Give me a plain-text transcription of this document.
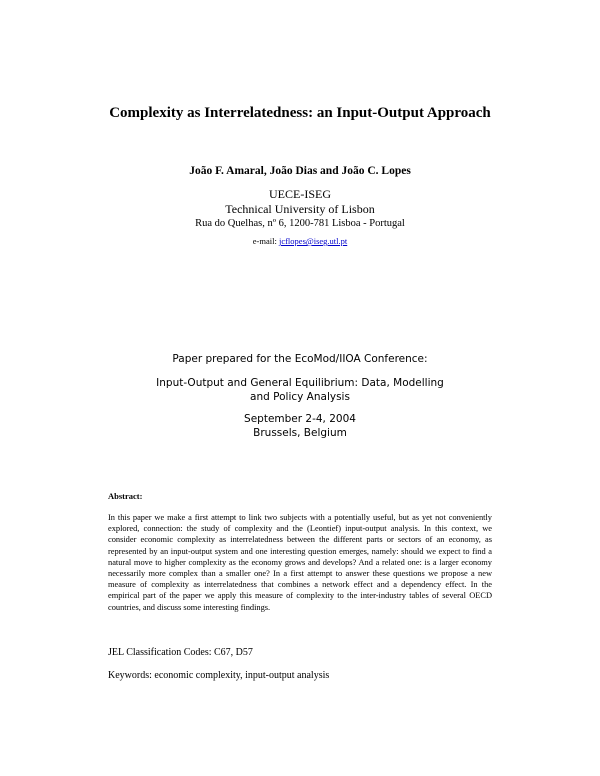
Complexity as Interrelatedness: an Input-Output Approach
João F. Amaral, João Dias and João C. Lopes
UECE-ISEG
Technical University of Lisbon
Rua do Quelhas, nº 6, 1200-781 Lisboa - Portugal
e-mail: jcflopes@iseg.utl.pt
Paper prepared for the EcoMod/IIOA Conference:
Input-Output and General Equilibrium: Data, Modelling and Policy Analysis
September 2-4, 2004
Brussels, Belgium
Abstract:
In this paper we make a first attempt to link two subjects with a potentially useful, but as yet not conveniently explored, connection: the study of complexity and the (Leontief) input-output analysis. In this context, we consider economic complexity as interrelatedness between the different parts or sectors of an economy, as represented by an input-output system and one interesting question emerges, namely: should we expect to find a natural move to higher complexity as the economy grows and develops? And a related one: is a larger economy necessarily more complex than a smaller one? In a first attempt to answer these questions we propose a new measure of complexity as interrelatedness that combines a network effect and a dependency effect. In the empirical part of the paper we apply this measure of complexity to the inter-industry tables of several OECD countries, and discuss some interesting findings.
JEL Classification Codes: C67, D57
Keywords: economic complexity, input-output analysis
